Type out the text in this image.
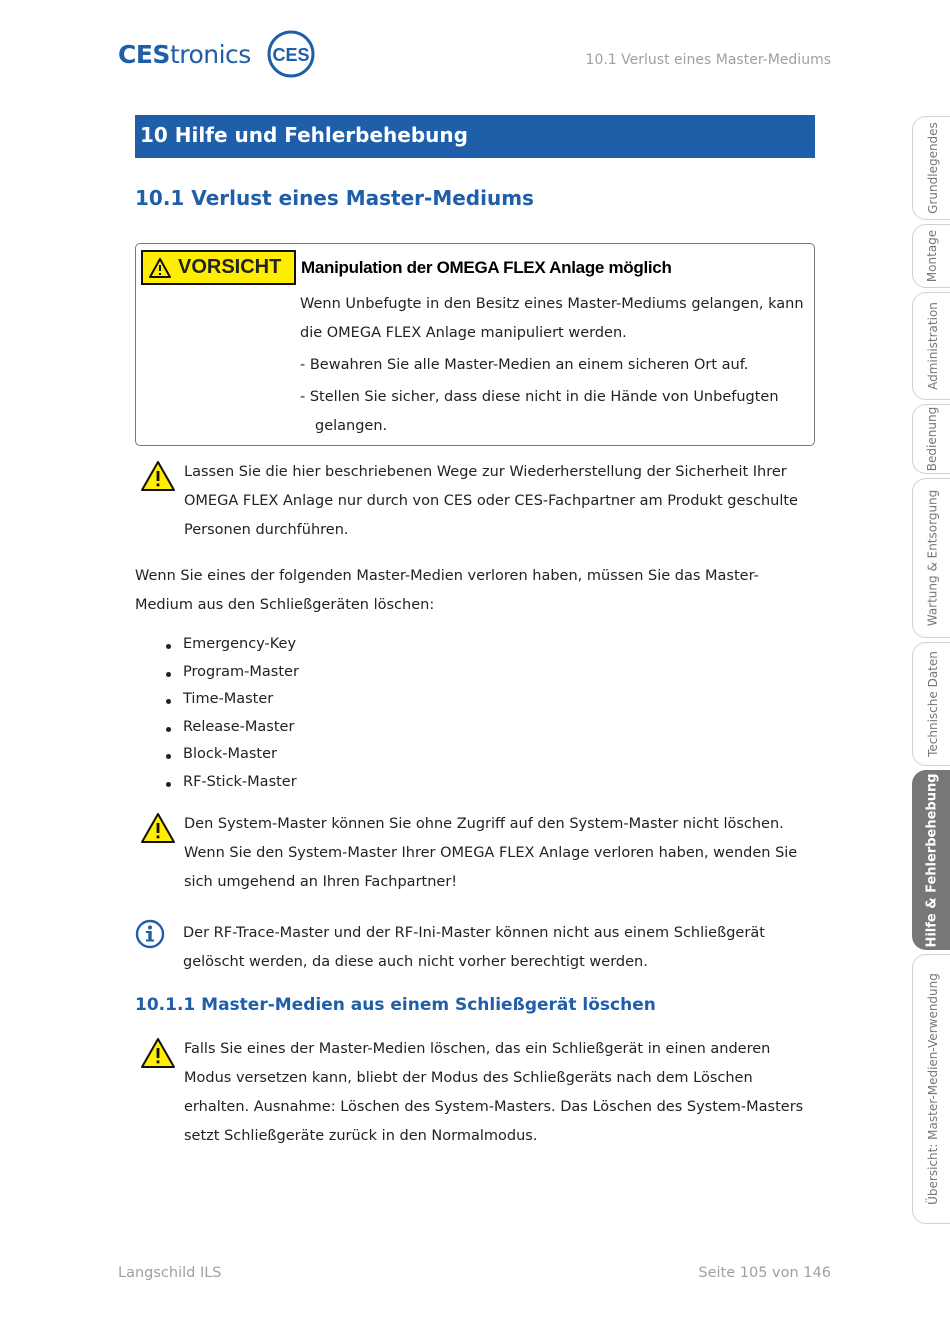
CEStronics CES	10.1 Verlust eines Master-Mediums
10 Hilfe und Fehlerbehebung
10.1 Verlust eines Master-Mediums
VORSICHT Manipulation der OMEGA FLEX Anlage möglich

Wenn Unbefugte in den Besitz eines Master-Mediums gelangen, kann die OMEGA FLEX Anlage manipuliert werden.

- Bewahren Sie alle Master-Medien an einem sicheren Ort auf.

- Stellen Sie sicher, dass diese nicht in die Hände von Unbefugten
gelangen.

Lassen Sie die hier beschriebenen Wege zur Wiederherstellung der Sicherheit Ihrer OMEGA FLEX Anlage nur durch von CES oder CES-Fachpartner am Produkt geschulte Personen durchführen.
Wenn Sie eines der folgenden Master-Medien verloren haben, müssen Sie das Master-Medium aus den Schließgeräten löschen:
Emergency-Key
Program-Master
Time-Master
Release-Master
Block-Master
RF-Stick-Master
Den System-Master können Sie ohne Zugriff auf den System-Master nicht löschen. Wenn Sie den System-Master Ihrer OMEGA FLEX Anlage verloren haben, wenden Sie sich umgehend an Ihren Fachpartner!
Der RF-Trace-Master und der RF-Ini-Master können nicht aus einem Schließgerät gelöscht werden, da diese auch nicht vorher berechtigt werden.
10.1.1 Master-Medien aus einem Schließgerät löschen
Falls Sie eines der Master-Medien löschen, das ein Schließgerät in einen anderen Modus versetzen kann, bliebt der Modus des Schließgeräts nach dem Löschen erhalten. Ausnahme: Löschen des System-Masters. Das Löschen des System-Masters setzt Schließgeräte zurück in den Normalmodus.
Langschild ILS	Seite 105 von 146
Grundlegendes
Montage
Administration
Bedienung
Wartung & Entsorgung
Technische Daten
Hilfe & Fehlerbehebung
Übersicht: Master-Medien-Verwendung
